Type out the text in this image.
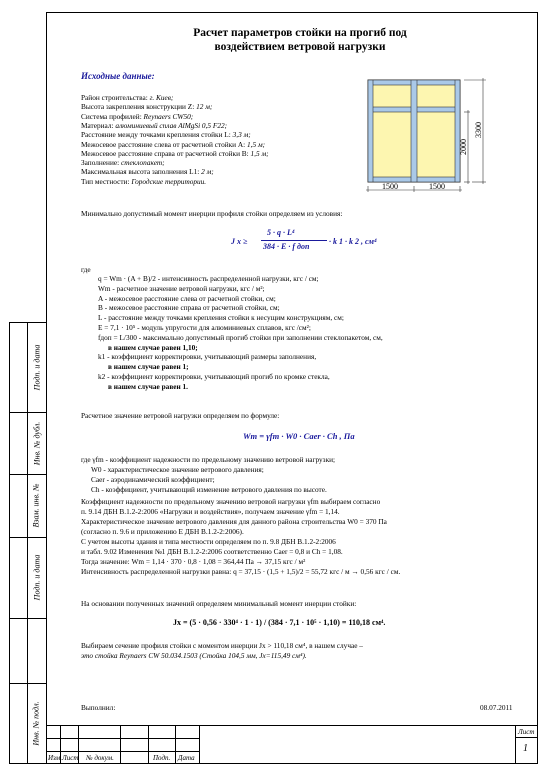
Подп. и дата
Инв. № дубл.
Взам. инв. №
Подп. и дата
Инв. № подл.
Расчет параметров стойки на прогиб под
воздействием ветровой нагрузки
Исходные данные:
Район строительства: г. Киев;
Высота закрепления конструкции Z: 12 м;
Система профилей: Reynaers CW50;
Материал: алюминиевый сплав AlMgSi 0,5 F22;
Расстояние между точками крепления стойки L: 3,3 м;
Межосевое расстояние слева от расчетной стойки А: 1,5 м;
Межосевое расстояние справа от расчетной стойки В: 1,5 м;
Заполнение: стеклопакет;
Максимальная высота заполнения L1: 2 м;
Тип местности: Городские территории.
1500	1500
2000
3300
Минимально допустимый момент инерции профиля стойки определяем из условия:
J x ≥
5 · q · L⁴
384 · E · f доп
· k 1 · k 2 , см⁴
где
q = Wm · (A + B)/2 - интенсивность распределенной нагрузки, кгс / см;
Wm - расчетное значение ветровой нагрузки, кгс / м²;
A - межосевое расстояние слева от расчетной стойки, см;
B - межосевое расстояние справа от расчетной стойки, см;
L - расстояние между точками крепления стойки к несущим конструкциям, см;
E = 7,1 · 10⁵ - модуль упругости для алюминиевых сплавов, кгс /см²;
fдоп = L/300 - максимально допустимый прогиб стойки при заполнении стеклопакетом, см,
в нашем случае равен 1,10;
k1 - коэффициент корректировки, учитывающий размеры заполнения,
в нашем случае равен 1;
k2 - коэффициент корректировки, учитывающий прогиб по кромке стекла,
в нашем случае равен 1.
Расчетное значение ветровой нагрузки определяем по формуле:
Wm = γfm · W0 · Caer · Ch , Па
где γfm - коэффициент надежности по предельному значению ветровой нагрузки;
W0 - характеристическое значение ветрового давления;
Caer - аэродинамический коэффициент;
Ch - коэффициент, учитывающий изменение ветрового давления по высоте.
Коэффициент надежности по предельному значению ветровой нагрузки γfm выбираем согласно
п. 9.14 ДБН В.1.2-2:2006 «Нагрузки и воздействия», получаем значение γfm = 1,14.
Характеристическое значение ветрового давления для данного района строительства W0 = 370 Па
(согласно п. 9.6 и приложению Е ДБН В.1.2-2:2006).
С учетом высоты здания и типа местности определяем по п. 9.8 ДБН В.1.2-2:2006
и табл. 9.02 Изменения №1 ДБН В.1.2-2:2006 соответственно Caer = 0,8 и Ch = 1,08.
Тогда значение: Wm = 1,14 · 370 · 0,8 · 1,08 = 364,44 Па → 37,15 кгс / м²
Интенсивность распределенной нагрузки равна: q = 37,15 · (1,5 + 1,5)/2 = 55,72 кгс / м → 0,56 кгс / см.
На основании полученных значений определяем минимальный момент инерции стойки:
Jx = (5 · 0,56 · 330⁴ · 1 · 1) / (384 · 7,1 · 10⁵ · 1,10) = 110,18 см⁴.
Выбираем сечение профиля стойки с моментом инерции Jx > 110,18 см⁴, в нашем случае –
это стойка Reynaers CW 50.034.1503 (Стойка 104,5 мм, Jx=115,49 см⁴).
Выполнил:	08.07.2011
Изм. Лист № докум.	Подп. Дата
Лист
1
